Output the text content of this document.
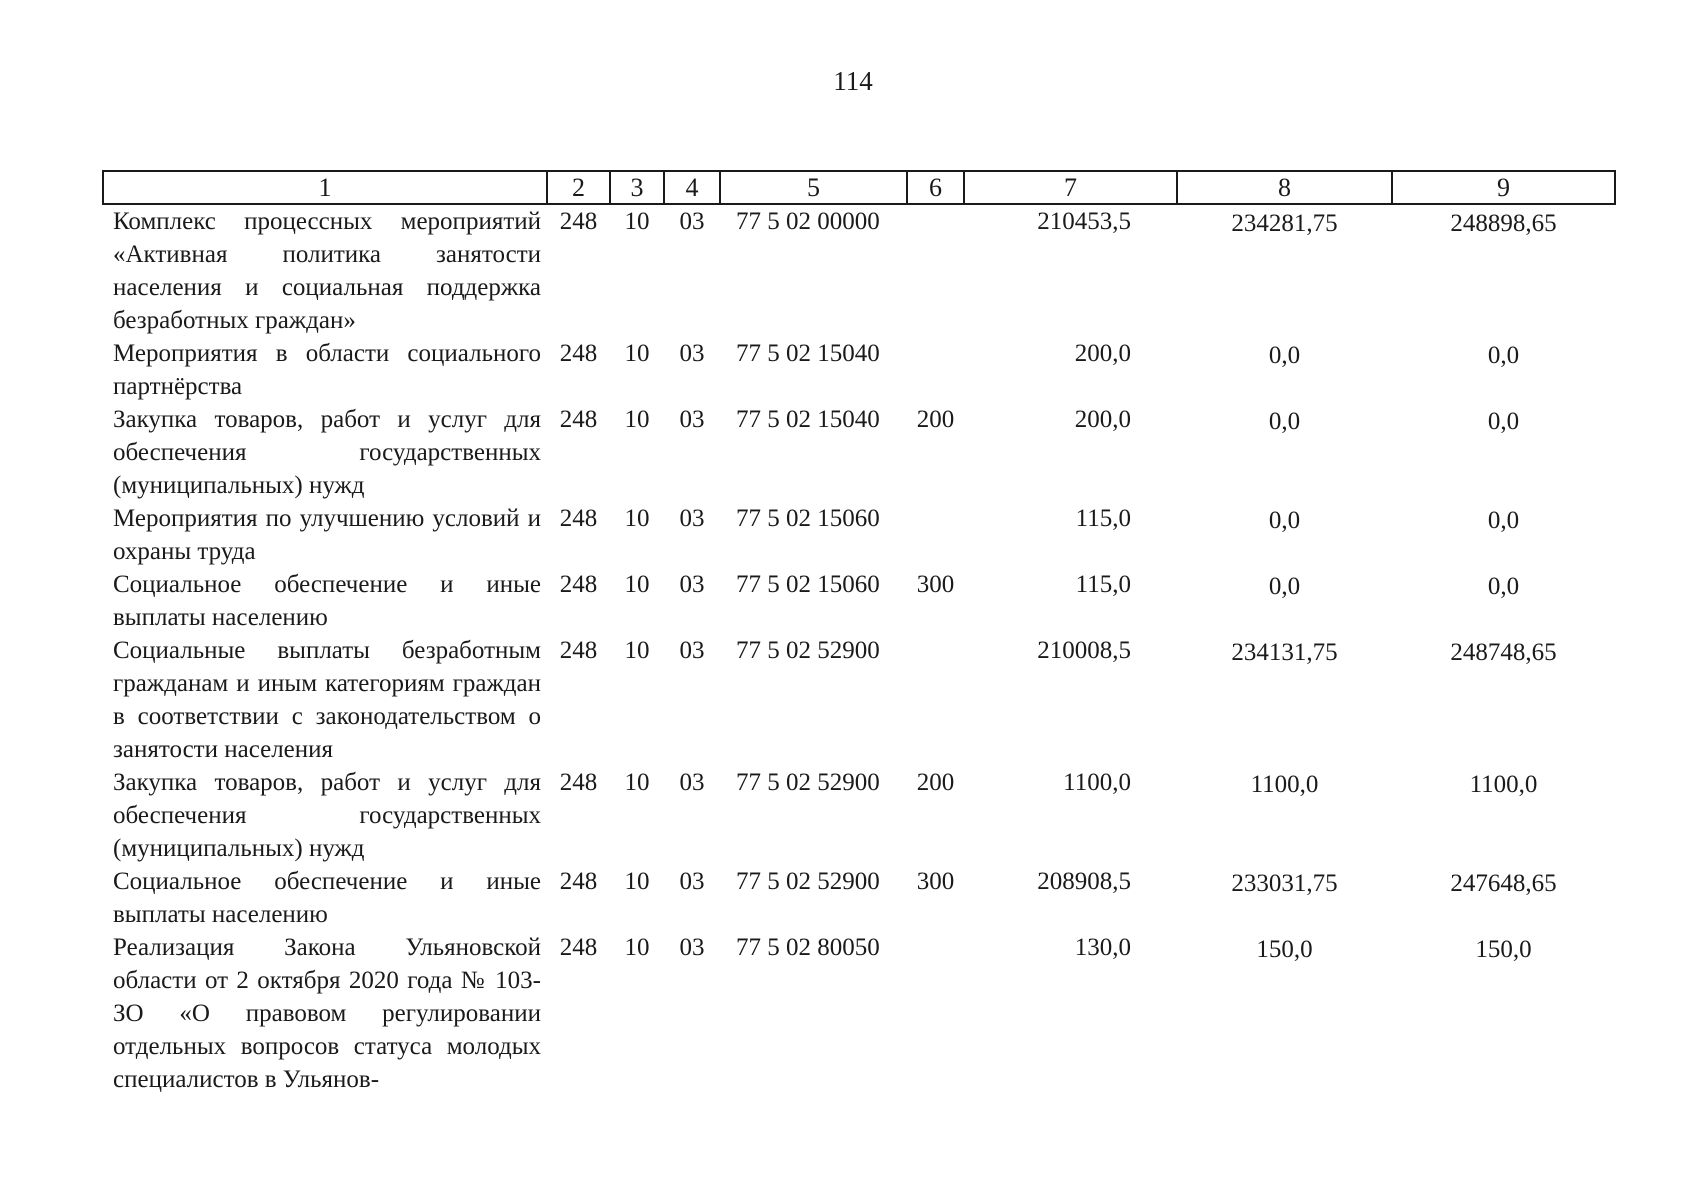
114
1	2	3	4	5	6	7	8	9
Комплекс процессных мероприятий «Активная политика занятости населения и социальная поддержка безработных граждан»	248	10	03	77 5 02 00000		210453,5	234281,75	248898,65
Мероприятия в области социального партнёрства	248	10	03	77 5 02 15040		200,0	0,0	0,0
Закупка товаров, работ и услуг для обеспечения государственных (муниципальных) нужд	248	10	03	77 5 02 15040	200	200,0	0,0	0,0
Мероприятия по улучшению условий и охраны труда	248	10	03	77 5 02 15060		115,0	0,0	0,0
Социальное обеспечение и иные выплаты населению	248	10	03	77 5 02 15060	300	115,0	0,0	0,0
Социальные выплаты безработным гражданам и иным категориям граждан в соответствии с законодательством о занятости населения	248	10	03	77 5 02 52900		210008,5	234131,75	248748,65
Закупка товаров, работ и услуг для обеспечения государственных (муниципальных) нужд	248	10	03	77 5 02 52900	200	1100,0	1100,0	1100,0
Социальное обеспечение и иные выплаты населению	248	10	03	77 5 02 52900	300	208908,5	233031,75	247648,65
Реализация Закона Ульяновской области от 2 октября 2020 года № 103-ЗО «О правовом регулировании отдельных вопросов статуса молодых специалистов в Ульянов-	248	10	03	77 5 02 80050		130,0	150,0	150,0
